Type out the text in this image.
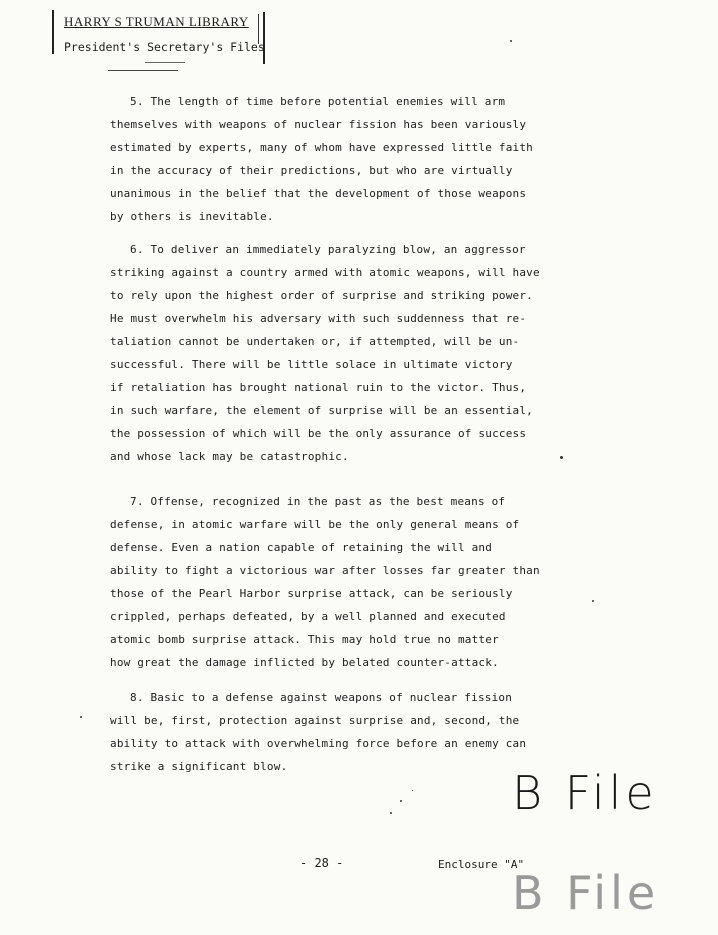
HARRY S TRUMAN LIBRARY
President's Secretary's Files
5. The length of time before potential enemies will arm
themselves with weapons of nuclear fission has been variously
estimated by experts, many of whom have expressed little faith
in the accuracy of their predictions, but who are virtually
unanimous in the belief that the development of those weapons
by others is inevitable.
6. To deliver an immediately paralyzing blow, an aggressor
striking against a country armed with atomic weapons, will have
to rely upon the highest order of surprise and striking power.
He must overwhelm his adversary with such suddenness that re-
taliation cannot be undertaken or, if attempted, will be un-
successful. There will be little solace in ultimate victory
if retaliation has brought national ruin to the victor. Thus,
in such warfare, the element of surprise will be an essential,
the possession of which will be the only assurance of success
and whose lack may be catastrophic.
7. Offense, recognized in the past as the best means of
defense, in atomic warfare will be the only general means of
defense. Even a nation capable of retaining the will and
ability to fight a victorious war after losses far greater than
those of the Pearl Harbor surprise attack, can be seriously
crippled, perhaps defeated, by a well planned and executed
atomic bomb surprise attack. This may hold true no matter
how great the damage inflicted by belated counter-attack.
8. Basic to a defense against weapons of nuclear fission
will be, first, protection against surprise and, second, the
ability to attack with overwhelming force before an enemy can
strike a significant blow.
- 28 -	Enclosure "A"
B File
B File
